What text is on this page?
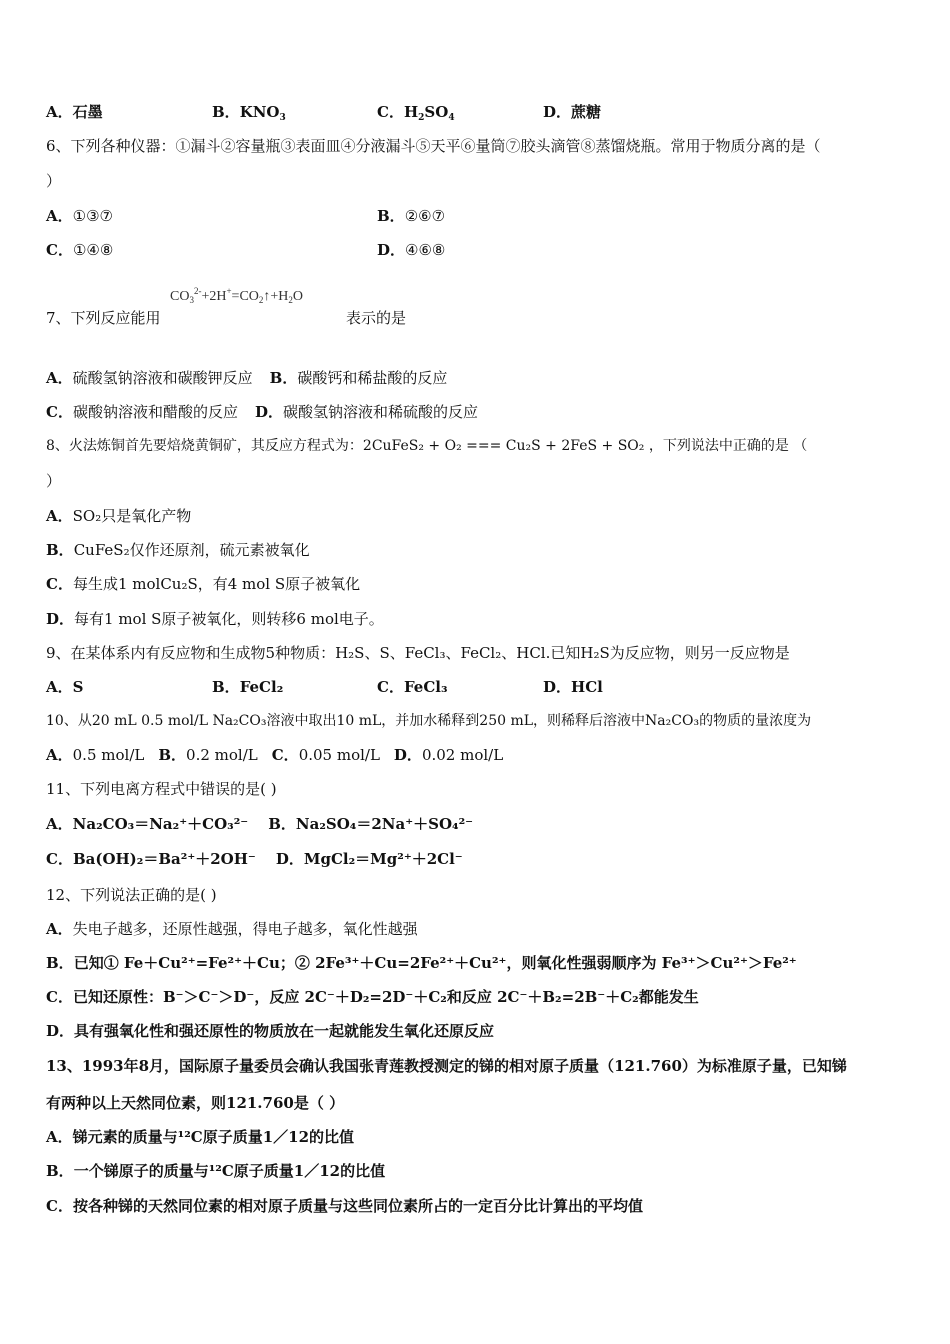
A．石墨	B．$KNO_3$	C．$H_2SO_4$	D．蔗糖
6、下列各种仪器：①漏斗②容量瓶③表面皿④分液漏斗⑤天平⑥量筒⑦胶头滴管⑧蒸馏烧瓶。常用于物质分离的是（
）
A．①③⑦	B．②⑥⑦
C．①④⑧	D．④⑥⑧
7、下列反应能用
$CO_3^{2-}+2H^+=CO_2↑+H_2O$
表示的是
A．硫酸氢钠溶液和碳酸钾反应 B．碳酸钙和稀盐酸的反应
C．碳酸钠溶液和醋酸的反应 D．碳酸氢钠溶液和稀硫酸的反应
8、火法炼铜首先要焙烧黄铜矿，其反应方程式为：2CuFeS₂ + O₂ === Cu₂S + 2FeS + SO₂ ，下列说法中正确的是 （
）
A．SO₂只是氧化产物
B．CuFeS₂仅作还原剂，硫元素被氧化
C．每生成1 molCu₂S，有4 mol S原子被氧化
D．每有1 mol S原子被氧化，则转移6 mol电子。
9、在某体系内有反应物和生成物5种物质：H₂S、S、FeCl₃、FeCl₂、HCl.已知H₂S为反应物，则另一反应物是
A．S	B．FeCl₂	C．FeCl₃	D．HCl
10、从20 mL 0.5 mol/L Na₂CO₃溶液中取出10 mL，并加水稀释到250 mL，则稀释后溶液中Na₂CO₃的物质的量浓度为
A．0.5 mol/L B．0.2 mol/L C．0.05 mol/L D．0.02 mol/L
11、下列电离方程式中错误的是( )
A．Na₂CO₃＝Na₂⁺＋CO₃²⁻ B．Na₂SO₄＝2Na⁺＋SO₄²⁻
C．Ba(OH)₂＝Ba²⁺＋2OH⁻ D．MgCl₂＝Mg²⁺＋2Cl⁻
12、下列说法正确的是( )
A．失电子越多，还原性越强，得电子越多，氧化性越强
B．已知① Fe＋Cu²⁺=Fe²⁺＋Cu；② 2Fe³⁺＋Cu=2Fe²⁺＋Cu²⁺，则氧化性强弱顺序为 Fe³⁺＞Cu²⁺＞Fe²⁺
C．已知还原性：B⁻＞C⁻＞D⁻，反应 2C⁻＋D₂=2D⁻＋C₂和反应 2C⁻＋B₂=2B⁻＋C₂都能发生
D．具有强氧化性和强还原性的物质放在一起就能发生氧化还原反应
13、1993年8月，国际原子量委员会确认我国张青莲教授测定的锑的相对原子质量（121.760）为标准原子量，已知锑
有两种以上天然同位素，则121.760是（ ）
A．锑元素的质量与¹²C原子质量1／12的比值
B．一个锑原子的质量与¹²C原子质量1／12的比值
C．按各种锑的天然同位素的相对原子质量与这些同位素所占的一定百分比计算出的平均值
